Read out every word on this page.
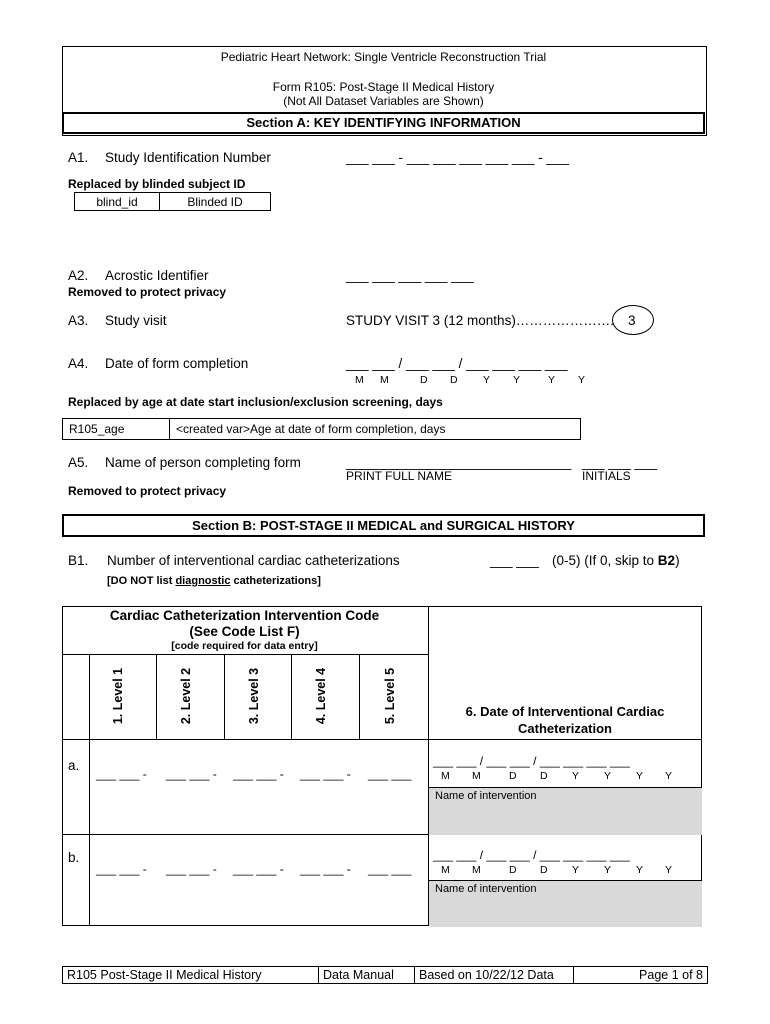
Pediatric Heart Network: Single Ventricle Reconstruction Trial
Form R105: Post-Stage II Medical History
(Not All Dataset Variables are Shown)
Section A: KEY IDENTIFYING INFORMATION
A1. Study Identification Number	___ ___ - ___ ___ ___ ___ ___ - ___
Replaced by blinded subject ID
blind_id	Blinded ID
A2. Acrostic Identifier	___ ___ ___ ___ ___
Removed to protect privacy
A3. Study visit	STUDY VISIT 3 (12 months)…………………. 3
A4. Date of form completion	___ ___ / ___ ___ / ___ ___ ___ ___
M M	D D Y Y	Y Y
Replaced by age at date start inclusion/exclusion screening, days
R105_age	<created var>Age at date of form completion, days
A5. Name of person completing form	______________________________ ___ ___ ___
PRINT FULL NAME	INITIALS
Removed to protect privacy
Section B: POST-STAGE II MEDICAL and SURGICAL HISTORY
B1. Number of interventional cardiac catheterizations	___ ___ (0-5) (If 0, skip to B2)
[DO NOT list diagnostic catheterizations]
Cardiac Catheterization Intervention Code
(See Code List F)
[code required for data entry]
1. Level 1	2. Level 2	3. Level 3	4. Level 4	5. Level 5	6. Date of Interventional Cardiac Catheterization
a.
___ ___ - ___ ___ - ___ ___ - ___ ___ - ___ ___
___ ___ / ___ ___ / ___ ___ ___ ___
M M	D D Y Y Y Y
Name of intervention
b.
___ ___ - ___ ___ - ___ ___ - ___ ___ - ___ ___
___ ___ / ___ ___ / ___ ___ ___ ___
M M	D D Y Y Y Y
Name of intervention
R105 Post-Stage II Medical History	Data Manual	Based on 10/22/12 Data	Page 1 of 8
